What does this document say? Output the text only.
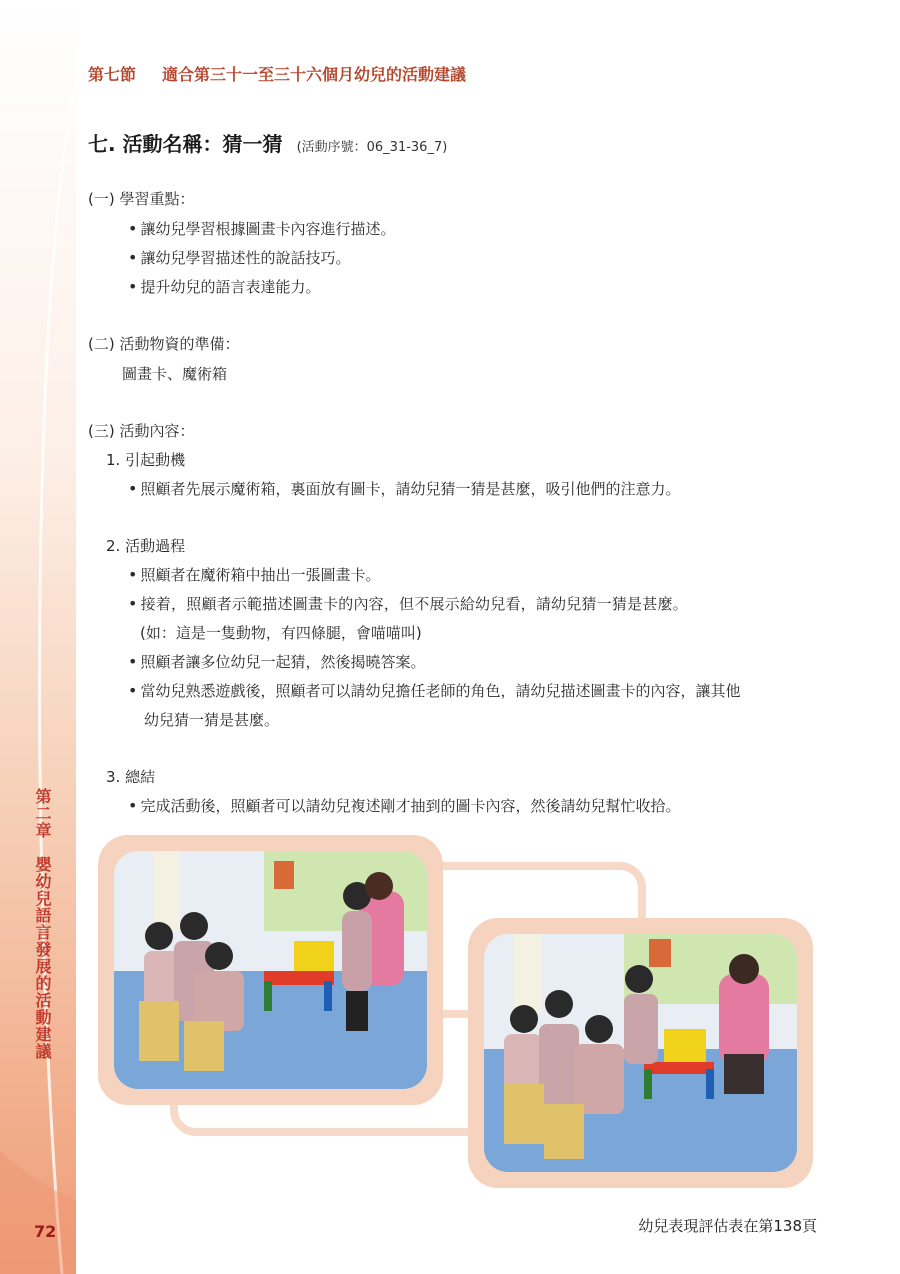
第二章　嬰幼兒語言發展的活動建議
72
第七節 適合第三十一至三十六個月幼兒的活動建議
七. 活動名稱：猜一猜 (活動序號：06_31-36_7)
(一) 學習重點：
• 讓幼兒學習根據圖畫卡內容進行描述。
• 讓幼兒學習描述性的說話技巧。
• 提升幼兒的語言表達能力。
(二) 活動物資的準備：
圖畫卡、魔術箱
(三) 活動內容：
1. 引起動機
• 照顧者先展示魔術箱，裏面放有圖卡，請幼兒猜一猜是甚麼，吸引他們的注意力。
2. 活動過程
• 照顧者在魔術箱中抽出一張圖畫卡。
• 接着，照顧者示範描述圖畫卡的內容，但不展示給幼兒看，請幼兒猜一猜是甚麼。
(如：這是一隻動物，有四條腿，會喵喵叫)
• 照顧者讓多位幼兒一起猜，然後揭曉答案。
• 當幼兒熟悉遊戲後，照顧者可以請幼兒擔任老師的角色，請幼兒描述圖畫卡的內容，讓其他
幼兒猜一猜是甚麼。
3. 總結
• 完成活動後，照顧者可以請幼兒複述剛才抽到的圖卡內容，然後請幼兒幫忙收拾。
幼兒表現評估表在第138頁
